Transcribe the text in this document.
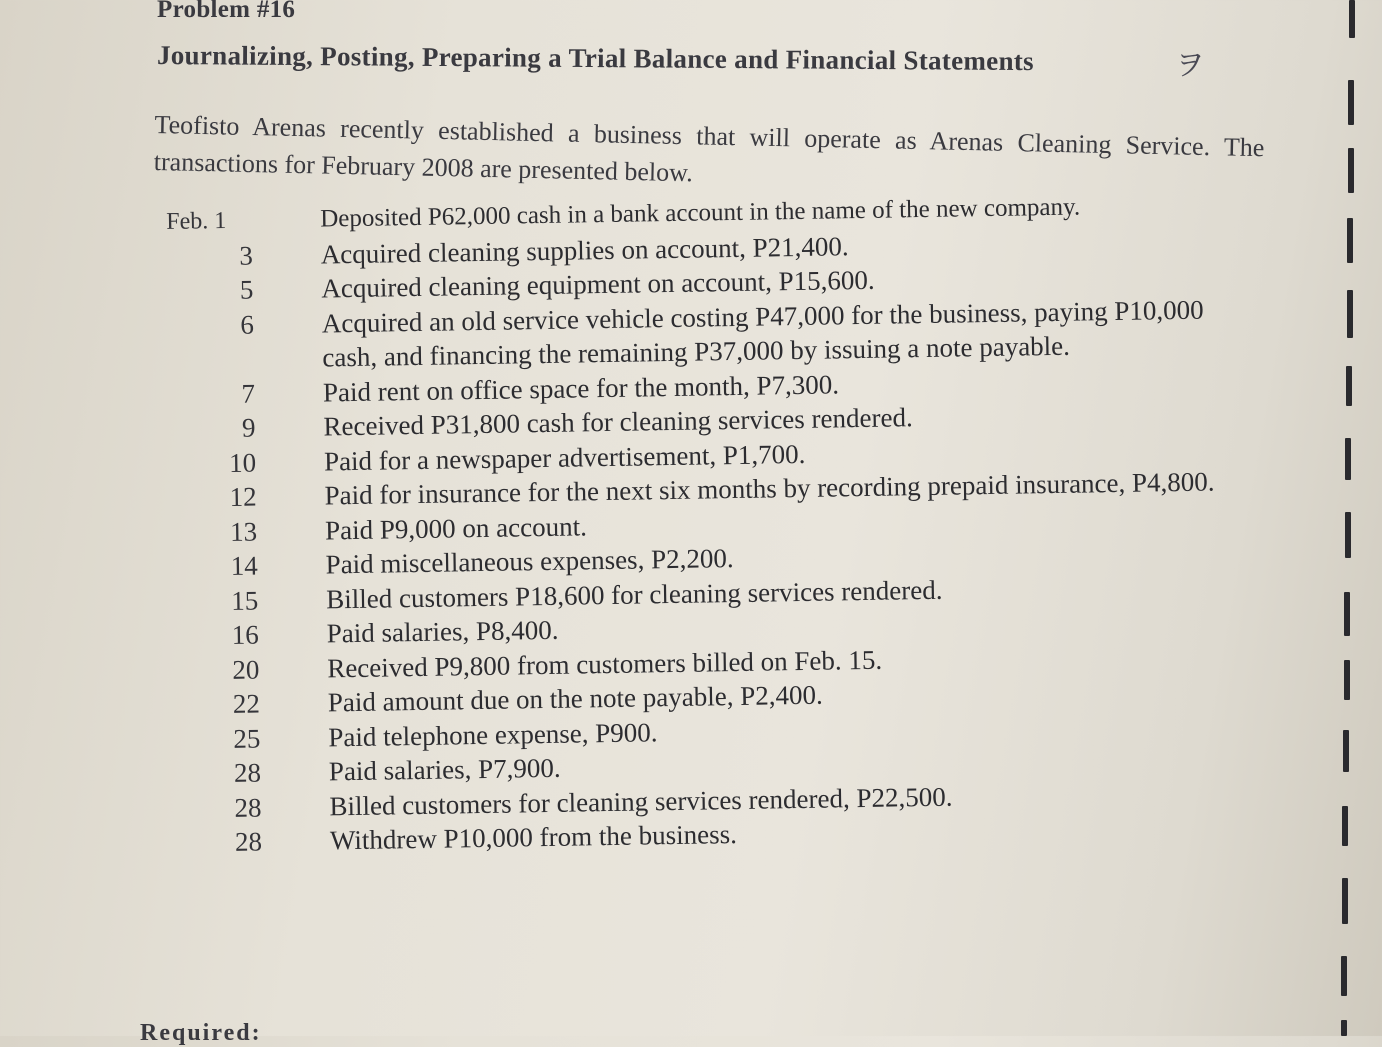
Problem #16
Journalizing, Posting, Preparing a Trial Balance and Financial Statements	ヲ
Teofisto Arenas recently established a business that will operate as Arenas Cleaning Service. The transactions for February 2008 are presented below.
Feb. 1	Deposited P62,000 cash in a bank account in the name of the new company.
3	Acquired cleaning supplies on account, P21,400.
5	Acquired cleaning equipment on account, P15,600.
6	Acquired an old service vehicle costing P47,000 for the business, paying P10,000 cash, and financing the remaining P37,000 by issuing a note payable.
7	Paid rent on office space for the month, P7,300.
9	Received P31,800 cash for cleaning services rendered.
10	Paid for a newspaper advertisement, P1,700.
12	Paid for insurance for the next six months by recording prepaid insurance, P4,800.
13	Paid P9,000 on account.
14	Paid miscellaneous expenses, P2,200.
15	Billed customers P18,600 for cleaning services rendered.
16	Paid salaries, P8,400.
20	Received P9,800 from customers billed on Feb. 15.
22	Paid amount due on the note payable, P2,400.
25	Paid telephone expense, P900.
28	Paid salaries, P7,900.
28	Billed customers for cleaning services rendered, P22,500.
28	Withdrew P10,000 from the business.
Required:
